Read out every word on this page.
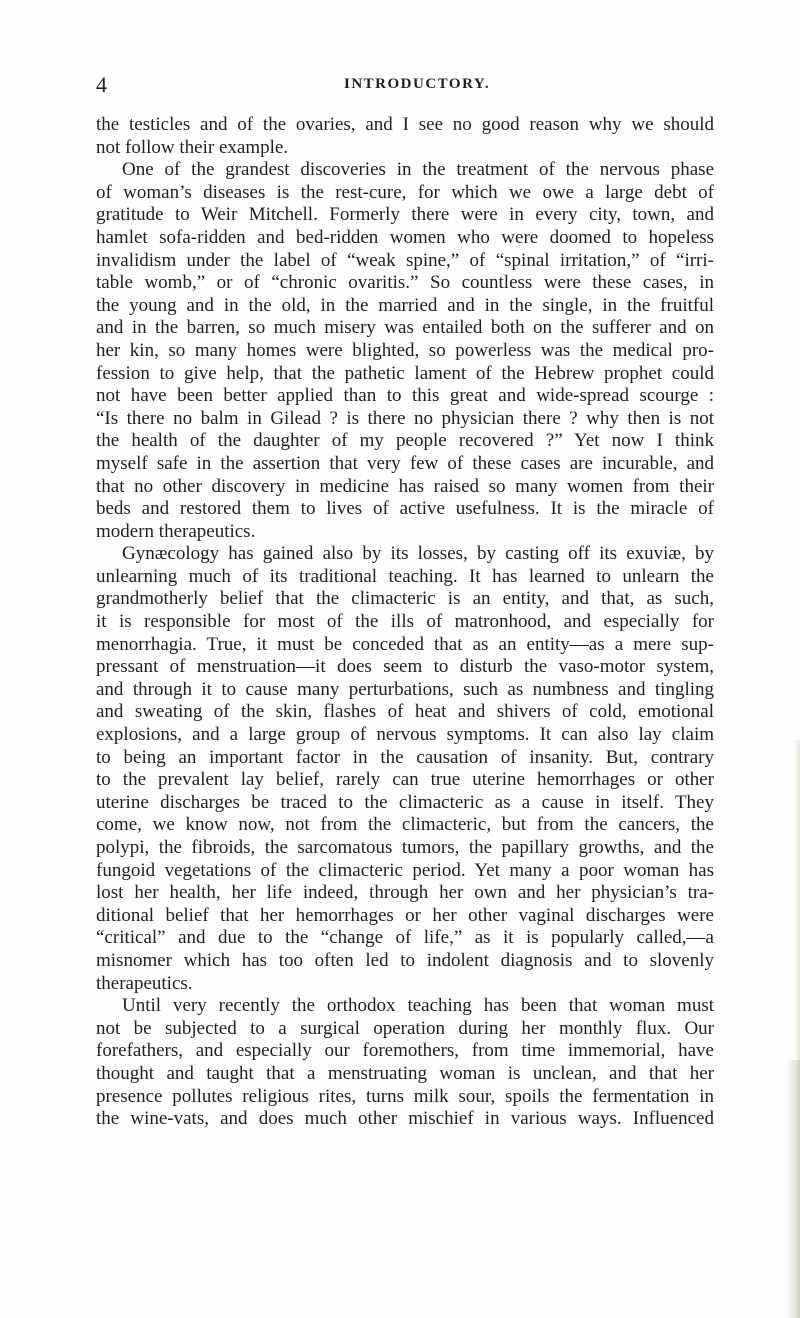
4	INTRODUCTORY.
the testicles and of the ovaries, and I see no good reason why we should
not follow their example.
One of the grandest discoveries in the treatment of the nervous phase
of woman’s diseases is the rest-cure, for which we owe a large debt of
gratitude to Weir Mitchell. Formerly there were in every city, town, and
hamlet sofa-ridden and bed-ridden women who were doomed to hopeless
invalidism under the label of “weak spine,” of “spinal irritation,” of “irri-
table womb,” or of “chronic ovaritis.” So countless were these cases, in
the young and in the old, in the married and in the single, in the fruitful
and in the barren, so much misery was entailed both on the sufferer and on
her kin, so many homes were blighted, so powerless was the medical pro-
fession to give help, that the pathetic lament of the Hebrew prophet could
not have been better applied than to this great and wide-spread scourge :
“Is there no balm in Gilead ? is there no physician there ? why then is not
the health of the daughter of my people recovered ?” Yet now I think
myself safe in the assertion that very few of these cases are incurable, and
that no other discovery in medicine has raised so many women from their
beds and restored them to lives of active usefulness. It is the miracle of
modern therapeutics.
Gynæcology has gained also by its losses, by casting off its exuviæ, by
unlearning much of its traditional teaching. It has learned to unlearn the
grandmotherly belief that the climacteric is an entity, and that, as such,
it is responsible for most of the ills of matronhood, and especially for
menorrhagia. True, it must be conceded that as an entity—as a mere sup-
pressant of menstruation—it does seem to disturb the vaso-motor system,
and through it to cause many perturbations, such as numbness and tingling
and sweating of the skin, flashes of heat and shivers of cold, emotional
explosions, and a large group of nervous symptoms. It can also lay claim
to being an important factor in the causation of insanity. But, contrary
to the prevalent lay belief, rarely can true uterine hemorrhages or other
uterine discharges be traced to the climacteric as a cause in itself. They
come, we know now, not from the climacteric, but from the cancers, the
polypi, the fibroids, the sarcomatous tumors, the papillary growths, and the
fungoid vegetations of the climacteric period. Yet many a poor woman has
lost her health, her life indeed, through her own and her physician’s tra-
ditional belief that her hemorrhages or her other vaginal discharges were
“critical” and due to the “change of life,” as it is popularly called,—a
misnomer which has too often led to indolent diagnosis and to slovenly
therapeutics.
Until very recently the orthodox teaching has been that woman must
not be subjected to a surgical operation during her monthly flux. Our
forefathers, and especially our foremothers, from time immemorial, have
thought and taught that a menstruating woman is unclean, and that her
presence pollutes religious rites, turns milk sour, spoils the fermentation in
the wine-vats, and does much other mischief in various ways. Influenced
